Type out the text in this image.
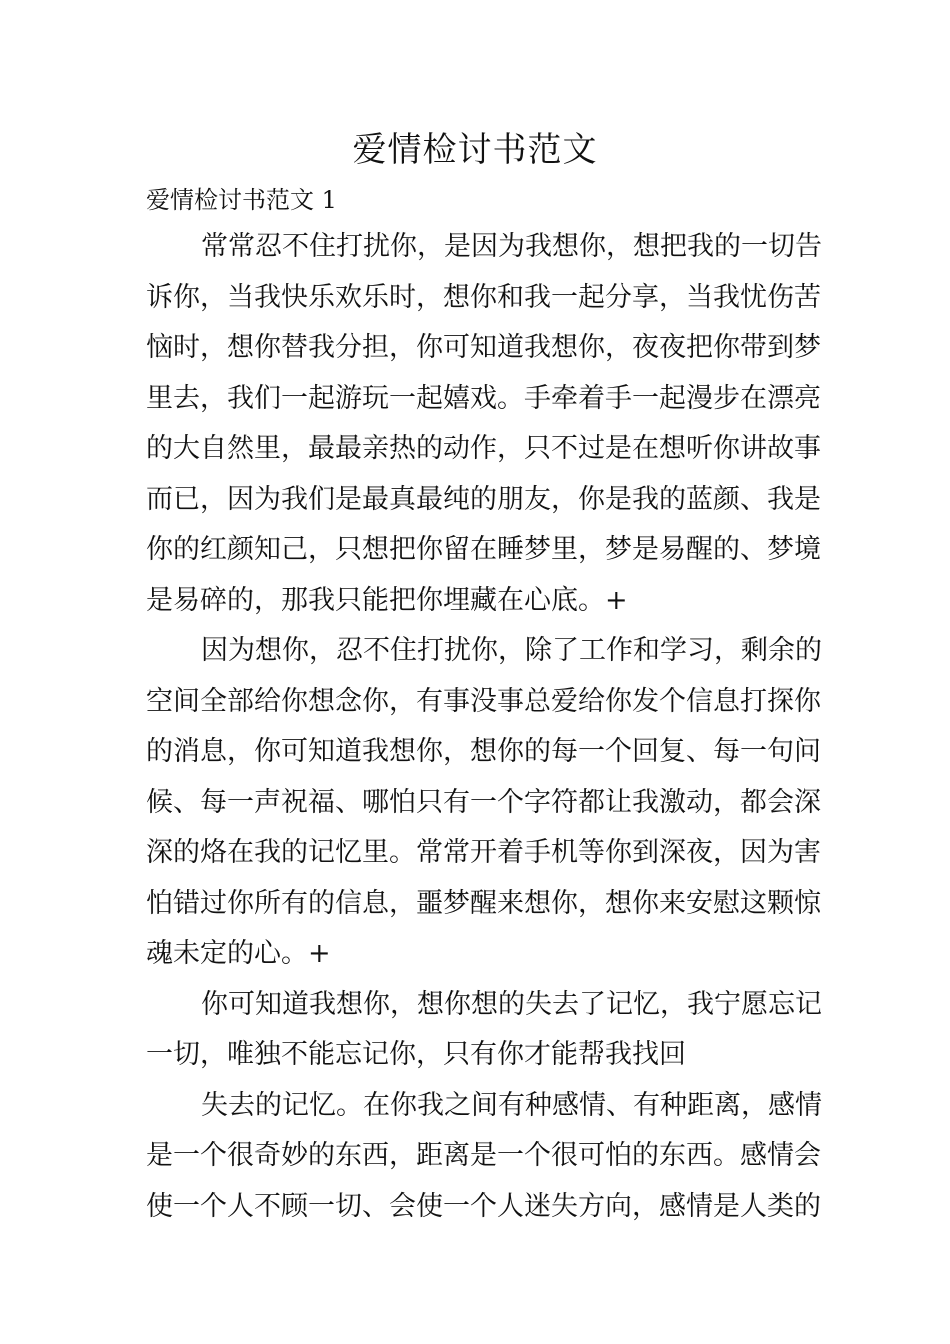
爱情检讨书范文
爱情检讨书范文 1

常常忍不住打扰你，是因为我想你，想把我的一切告
诉你，当我快乐欢乐时，想你和我一起分享，当我忧伤苦
恼时，想你替我分担，你可知道我想你，夜夜把你带到梦
里去，我们一起游玩一起嬉戏。手牵着手一起漫步在漂亮
的大自然里，最最亲热的动作，只不过是在想听你讲故事
而已，因为我们是最真最纯的朋友，你是我的蓝颜、我是
你的红颜知己，只想把你留在睡梦里，梦是易醒的、梦境
是易碎的，那我只能把你埋藏在心底。+

因为想你，忍不住打扰你，除了工作和学习，剩余的
空间全部给你想念你，有事没事总爱给你发个信息打探你
的消息，你可知道我想你，想你的每一个回复、每一句问
候、每一声祝福、哪怕只有一个字符都让我激动，都会深
深的烙在我的记忆里。常常开着手机等你到深夜，因为害
怕错过你所有的信息，噩梦醒来想你，想你来安慰这颗惊
魂未定的心。+

你可知道我想你，想你想的失去了记忆，我宁愿忘记
一切，唯独不能忘记你，只有你才能帮我找回

失去的记忆。在你我之间有种感情、有种距离，感情
是一个很奇妙的东西，距离是一个很可怕的东西。感情会
使一个人不顾一切、会使一个人迷失方向，感情是人类的
